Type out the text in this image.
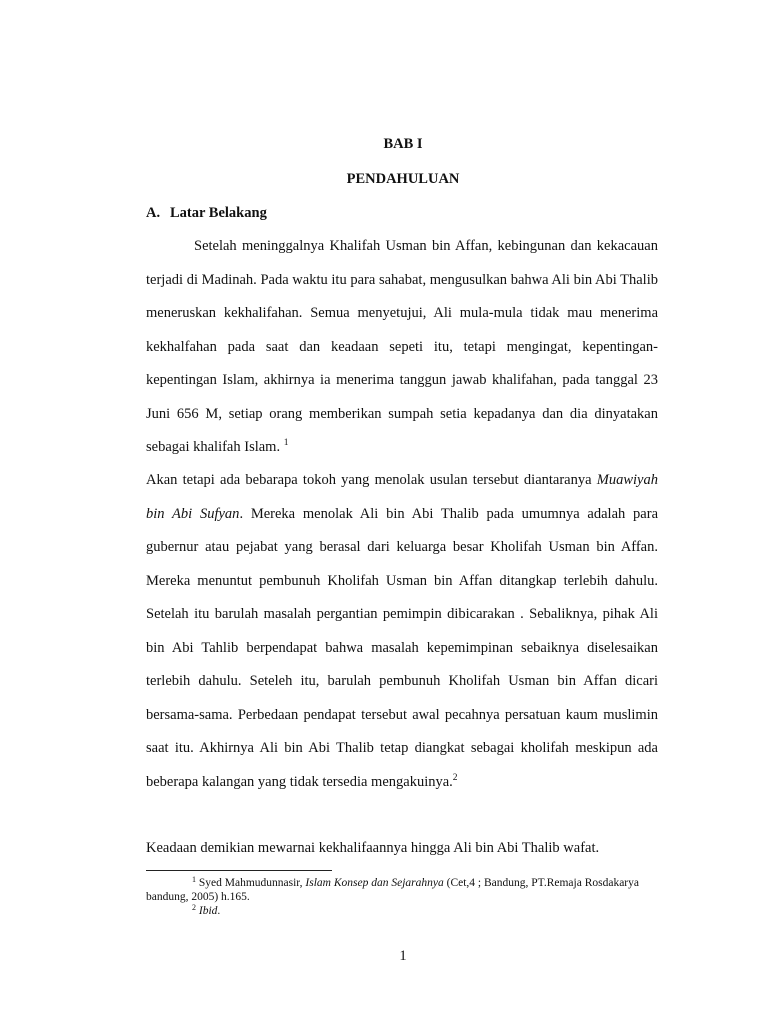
BAB I
PENDAHULUAN
A. Latar Belakang

Setelah meninggalnya Khalifah Usman bin Affan, kebingunan dan kekacauan terjadi di Madinah. Pada waktu itu para sahabat, mengusulkan bahwa Ali bin Abi Thalib meneruskan kekhalifahan. Semua menyetujui, Ali mula-mula tidak mau menerima kekhalfahan pada saat dan keadaan sepeti itu, tetapi mengingat, kepentingan-kepentingan Islam, akhirnya ia menerima tanggun jawab khalifahan, pada tanggal 23 Juni 656 M, setiap orang memberikan sumpah setia kepadanya dan dia dinyatakan sebagai khalifah Islam. $^1$

Akan tetapi ada bebarapa tokoh yang menolak usulan tersebut diantaranya Muawiyah bin Abi Sufyan. Mereka menolak Ali bin Abi Thalib pada umumnya adalah para gubernur atau pejabat yang berasal dari keluarga besar Kholifah Usman bin Affan. Mereka menuntut pembunuh Kholifah Usman bin Affan ditangkap terlebih dahulu. Setelah itu barulah masalah pergantian pemimpin dibicarakan . Sebaliknya, pihak Ali bin Abi Tahlib berpendapat bahwa masalah kepemimpinan sebaiknya diselesaikan terlebih dahulu. Seteleh itu, barulah pembunuh Kholifah Usman bin Affan dicari bersama-sama. Perbedaan pendapat tersebut awal pecahnya persatuan kaum muslimin saat itu. Akhirnya Ali bin Abi Thalib tetap diangkat sebagai kholifah meskipun ada beberapa kalangan yang tidak tersedia mengakuinya.$^2$

Keadaan demikian mewarnai kekhalifaannya hingga Ali bin Abi Thalib wafat.

$^1$ Syed Mahmudunnasir, Islam Konsep dan Sejarahnya (Cet,4 ; Bandung, PT.Remaja Rosdakarya bandung, 2005) h.165.

$^2$ Ibid.

1
